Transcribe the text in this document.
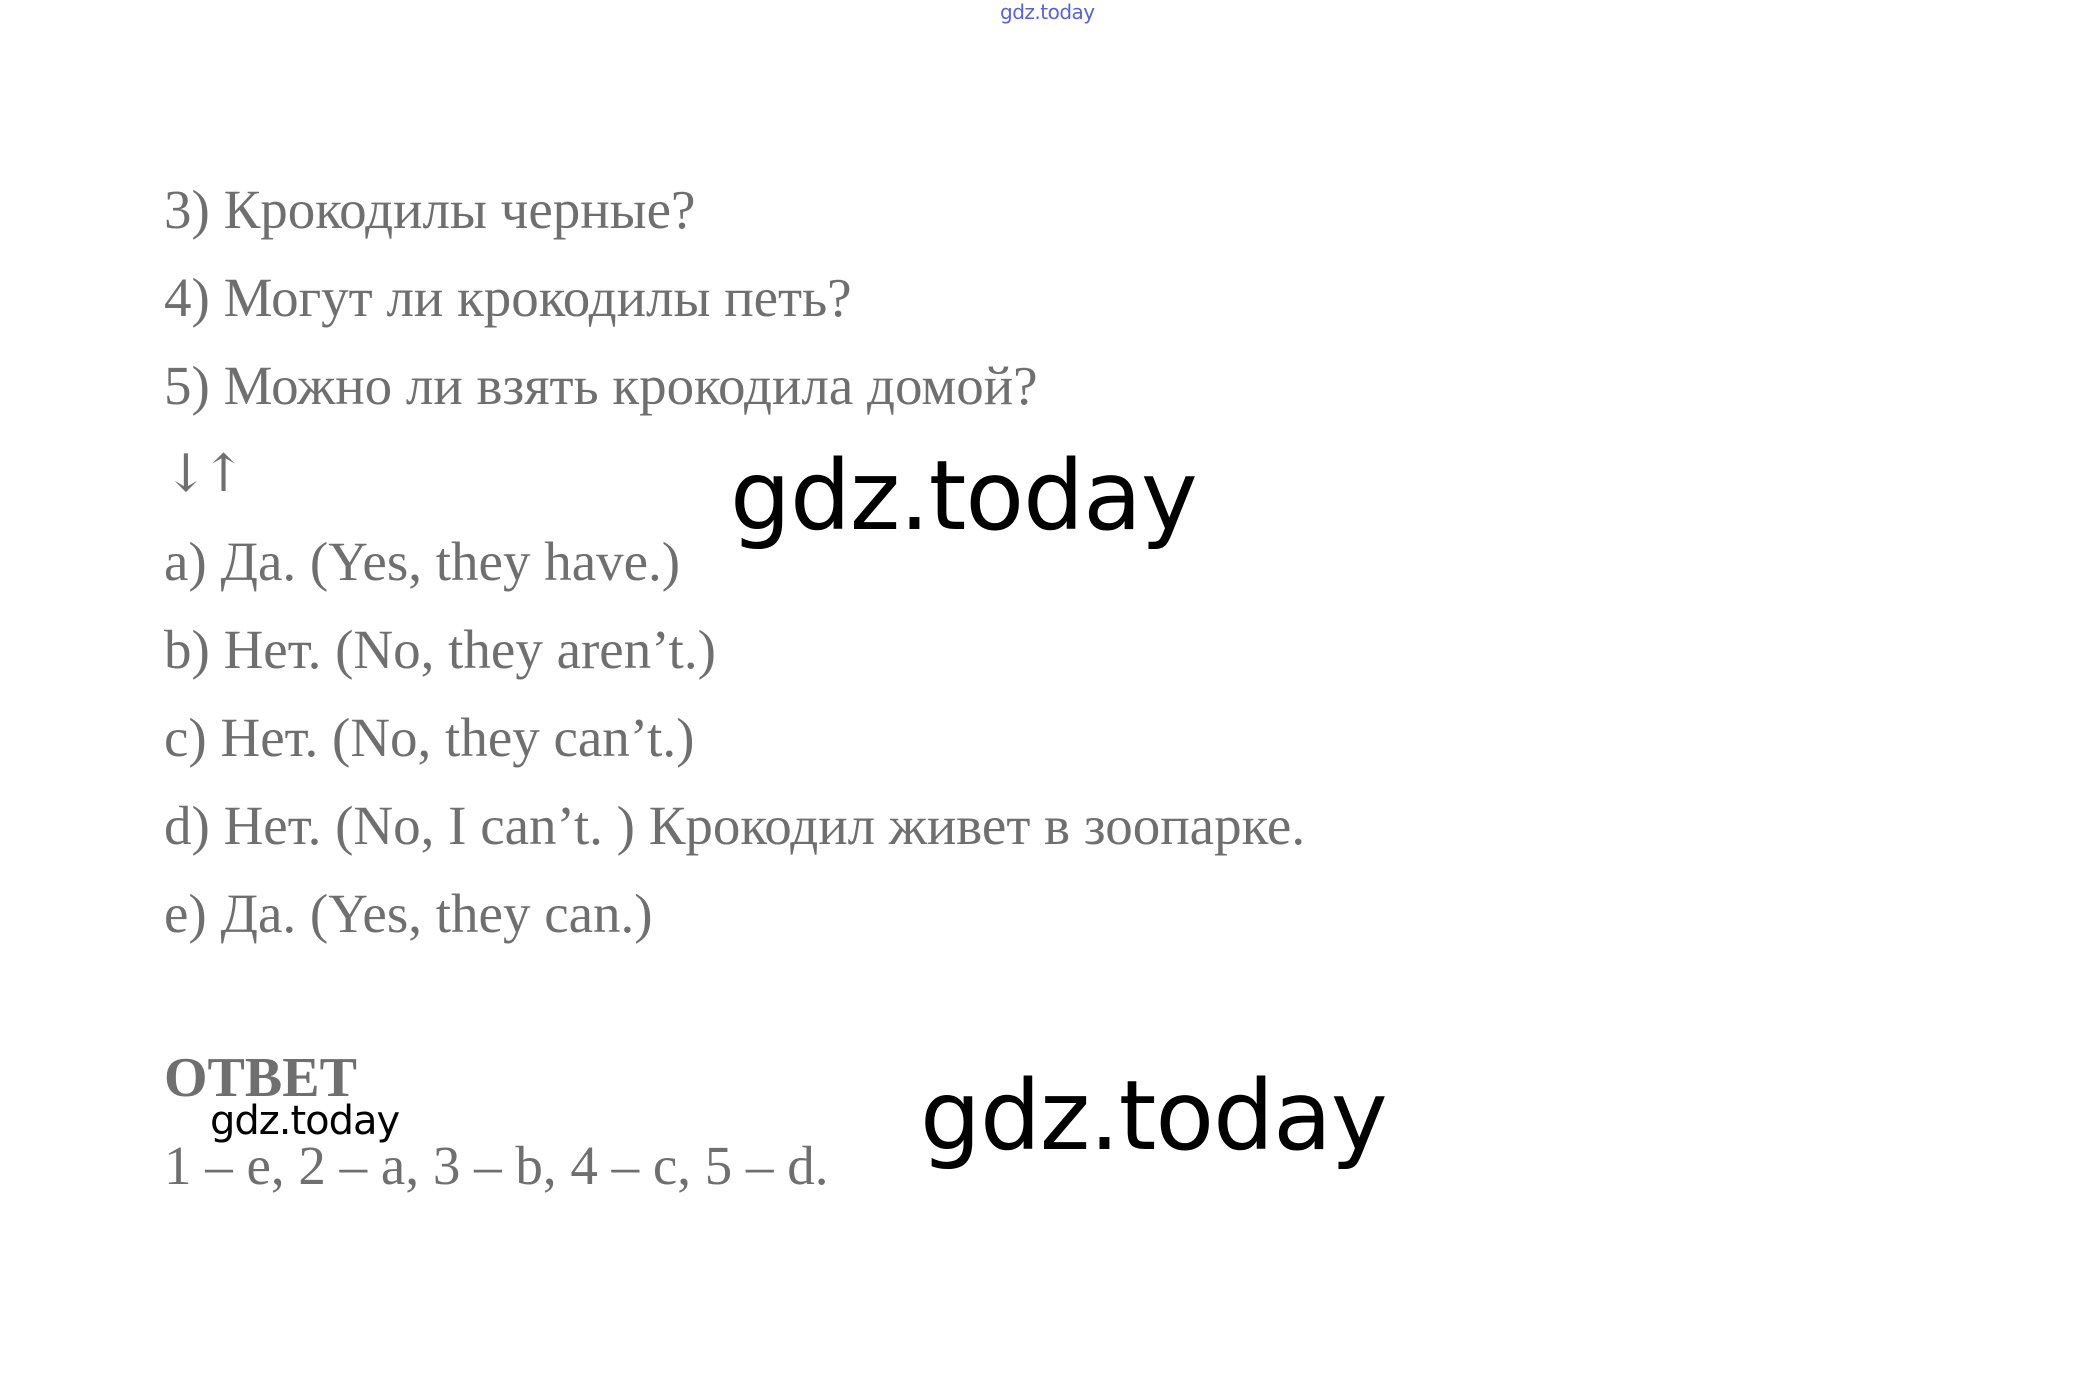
gdz.today
3) Крокодилы черные?
4) Могут ли крокодилы петь?
5) Можно ли взять крокодила домой?
↓↑
a) Да. (Yes, they have.)
b) Нет. (No, they aren’t.)
c) Нет. (No, they can’t.)
d) Нет. (No, I can’t. ) Крокодил живет в зоопарке.
e) Да. (Yes, they can.)
gdz.today
ОТВЕТ
gdz.today
1 – e, 2 – a, 3 – b, 4 – c, 5 – d. gdz.today
